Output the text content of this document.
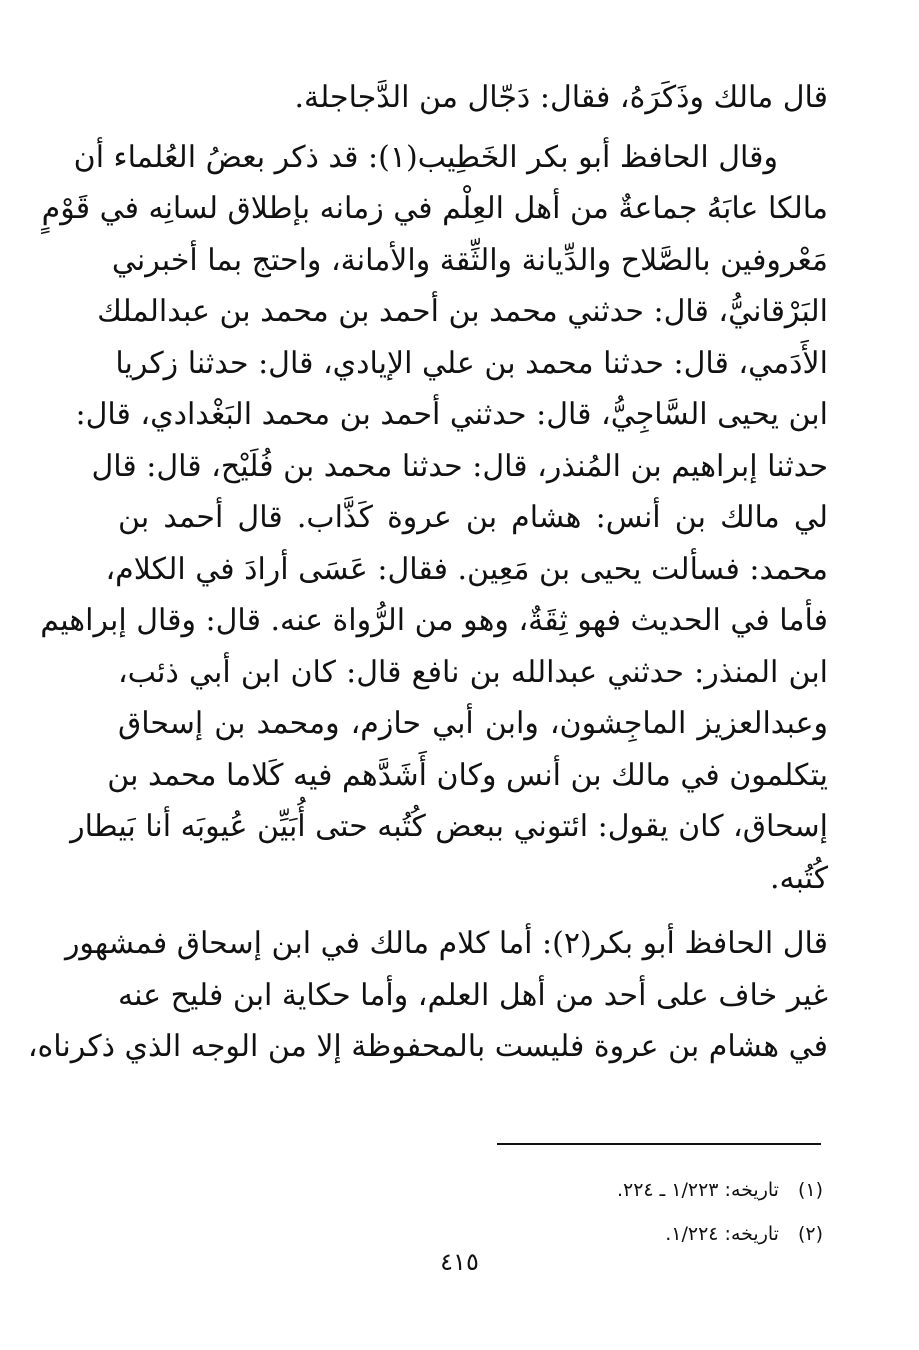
قال مالك وذَكَرَهُ، فقال: دَجّال من الدَّجاجلة.
وقال الحافظ أبو بكر الخَطِيب(١): قد ذكر بعضُ العُلماء أن
مالكا عابَهُ جماعةٌ من أهل العِلْم في زمانه بإطلاق لسانِه في قَوْمٍ
مَعْروفين بالصَّلاح والدِّيانة والثِّقة والأمانة، واحتج بما أخبرني
البَرْقانيُّ، قال: حدثني محمد بن أحمد بن محمد بن عبدالملك
الأَدَمي، قال: حدثنا محمد بن علي الإيادي، قال: حدثنا زكريا
ابن يحيى السَّاجِيُّ، قال: حدثني أحمد بن محمد البَغْدادي، قال:
حدثنا إبراهيم بن المُنذر، قال: حدثنا محمد بن فُلَيْح، قال: قال
لي مالك بن أنس: هشام بن عروة كَذَّاب. قال أحمد بن
محمد: فسألت يحيى بن مَعِين. فقال: عَسَى أرادَ في الكلام،
فأما في الحديث فهو ثِقَةٌ، وهو من الرُّواة عنه. قال: وقال إبراهيم
ابن المنذر: حدثني عبدالله بن نافع قال: كان ابن أبي ذئب،
وعبدالعزيز الماجِشون، وابن أبي حازم، ومحمد بن إسحاق
يتكلمون في مالك بن أنس وكان أَشَدَّهم فيه كَلاما محمد بن
إسحاق، كان يقول: ائتوني ببعض كُتُبه حتى أُبَيِّن عُيوبَه أنا بَيطار
كُتُبه.
قال الحافظ أبو بكر(٢): أما كلام مالك في ابن إسحاق فمشهور
غير خاف على أحد من أهل العلم، وأما حكاية ابن فليح عنه
في هشام بن عروة فليست بالمحفوظة إلا من الوجه الذي ذكرناه،
(١) تاريخه: ١/٢٢٣ ـ ٢٢٤.
(٢) تاريخه: ١/٢٢٤.
٤١٥
